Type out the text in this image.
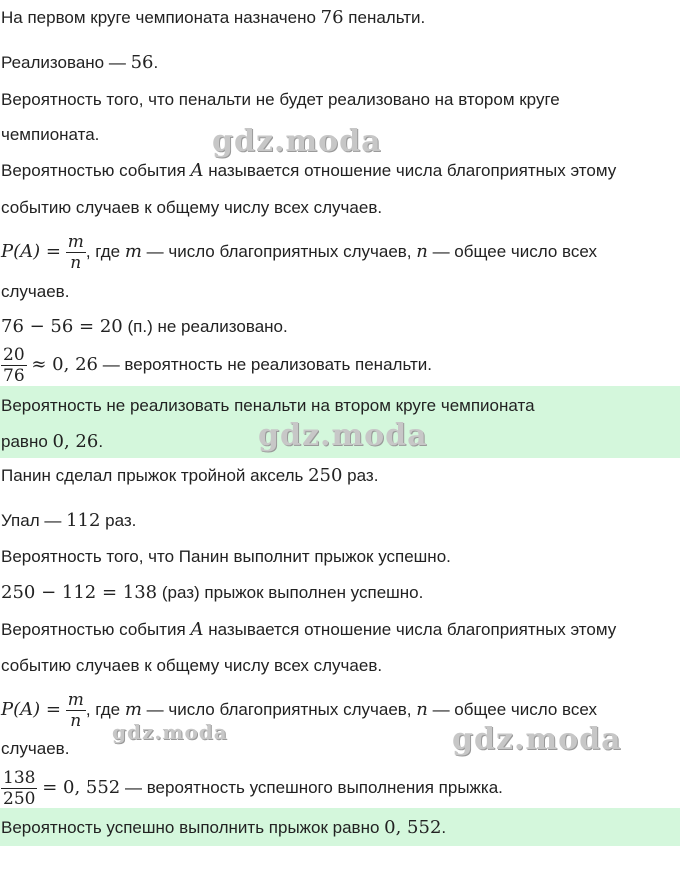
На первом круге чемпионата назначено 76 пенальти.
Реализовано — 56.
Вероятность того, что пенальти не будет реализовано на втором круге
чемпионата.
Вероятностью события A называется отношение числа благоприятных этому
событию случаев к общему числу всех случаев.
$P(A) = \frac{m}{n}$ , где m — число благоприятных случаев, n — общее число всех
случаев.
76 − 56 = 20 (п.) не реализовано.
$\frac{20}{76} \approx 0$, 26 — вероятность не реализовать пенальти.
Вероятность не реализовать пенальти на втором круге чемпионата
равно 0, 26.
Панин сделал прыжок тройной аксель 250 раз.
Упал — 112 раз.
Вероятность того, что Панин выполнит прыжок успешно.
250 − 112 = 138 (раз) прыжок выполнен успешно.
Вероятностью события A называется отношение числа благоприятных этому
событию случаев к общему числу всех случаев.
$P(A) = \frac{m}{n}$ , где m — число благоприятных случаев, n — общее число всех
случаев.
$\frac{138}{250} = 0$, 552 — вероятность успешного выполнения прыжка.
Вероятность успешно выполнить прыжок равно 0, 552.
gdz.moda
gdz.moda
gdz.moda	gdz.moda
